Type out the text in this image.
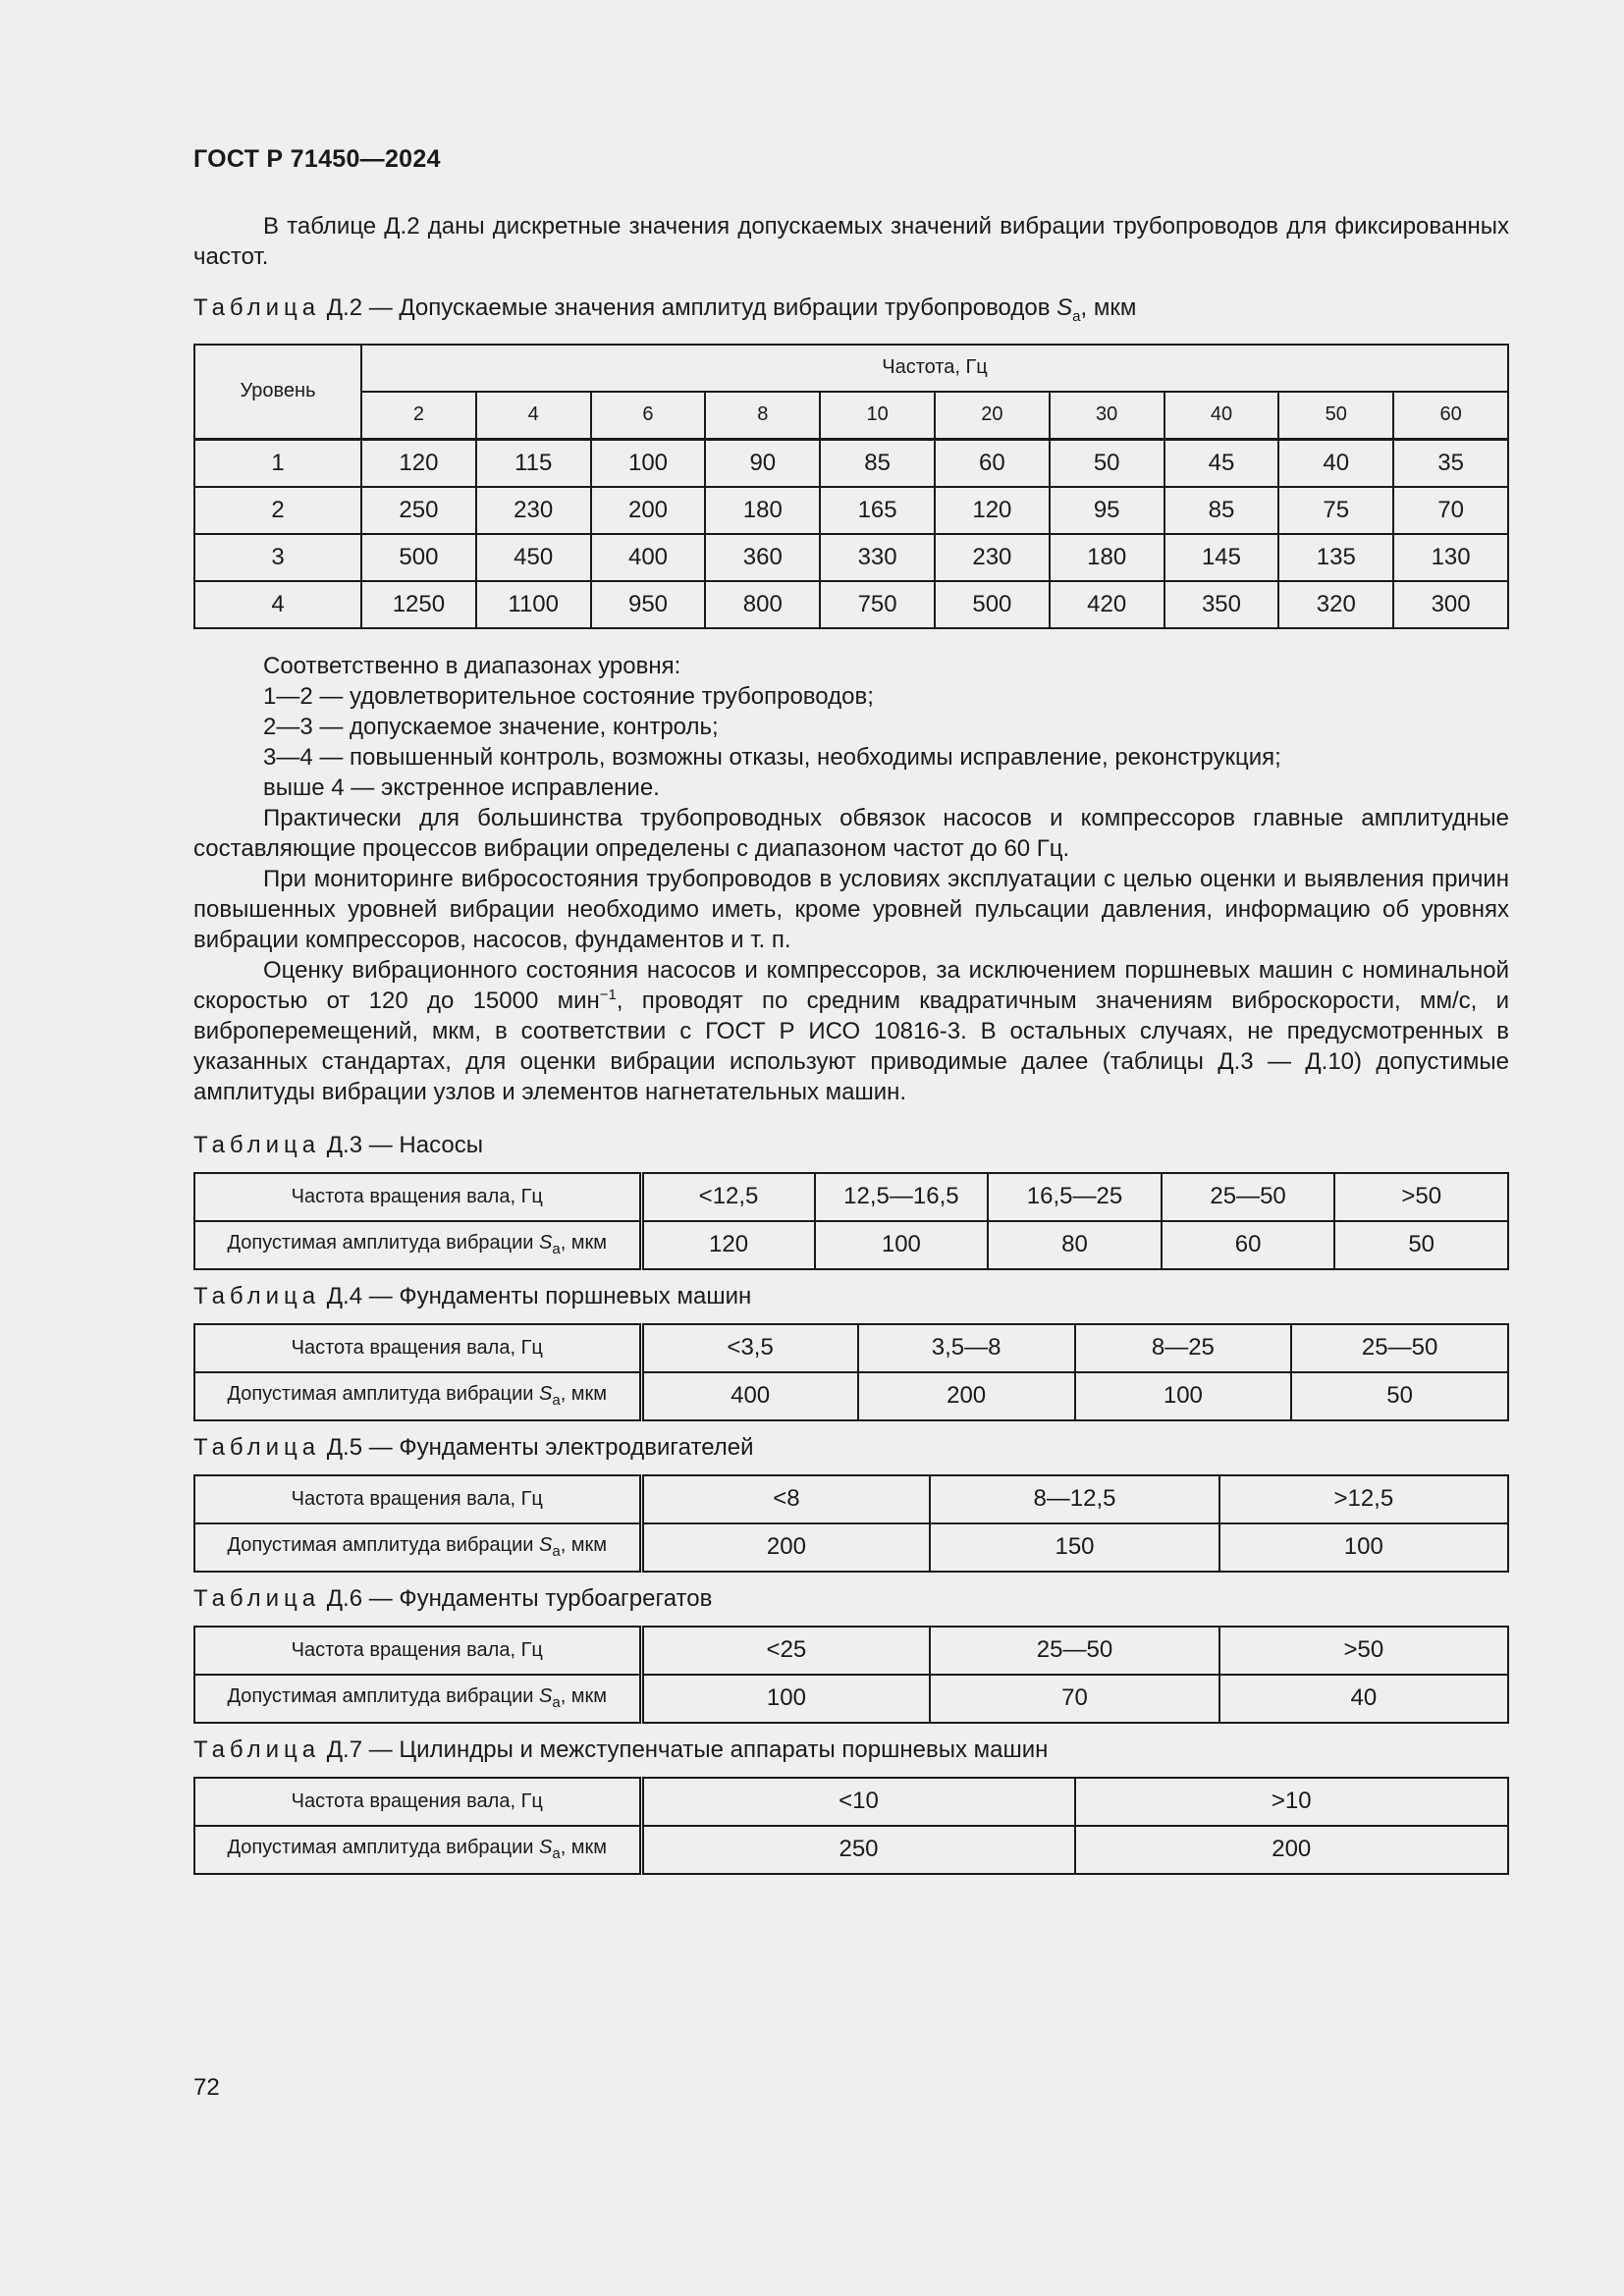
ГОСТ Р 71450—2024

В таблице Д.2 даны дискретные значения допускаемых значений вибрации трубопроводов для фиксированных частот.

Таблица Д.2 — Допускаемые значения амплитуд вибрации трубопроводов $S_a$, мкм
Уровень	Частота, Гц									
	2	4	6	8	10	20	30	40	50	60
1	120	115	100	90	85	60	50	45	40	35
2	250	230	200	180	165	120	95	85	75	70
3	500	450	400	360	330	230	180	145	135	130
4	1250	1100	950	800	750	500	420	350	320	300

Соответственно в диапазонах уровня:

1—2 — удовлетворительное состояние трубопроводов;

2—3 — допускаемое значение, контроль;

3—4 — повышенный контроль, возможны отказы, необходимы исправление, реконструкция;

выше 4 — экстренное исправление.

Практически для большинства трубопроводных обвязок насосов и компрессоров главные амплитудные составляющие процессов вибрации определены с диапазоном частот до 60 Гц.

При мониторинге вибросостояния трубопроводов в условиях эксплуатации с целью оценки и выявления причин повышенных уровней вибрации необходимо иметь, кроме уровней пульсации давления, информацию об уровнях вибрации компрессоров, насосов, фундаментов и т. п.

Оценку вибрационного состояния насосов и компрессоров, за исключением поршневых машин с номинальной скоростью от 120 до 15000 мин$^{-1}$, проводят по средним квадратичным значениям виброскорости, мм/с, и виброперемещений, мкм, в соответствии с ГОСТ Р ИСО 10816-3. В остальных случаях, не предусмотренных в указанных стандартах, для оценки вибрации используют приводимые далее (таблицы Д.3 — Д.10) допустимые амплитуды вибрации узлов и элементов нагнетательных машин.

Таблица Д.3 — Насосы
Частота вращения вала, Гц	<12,5	12,5—16,5	16,5—25	25—50	>50
Допустимая амплитуда вибрации $S_a$, мкм	120	100	80	60	50
Таблица Д.4 — Фундаменты поршневых машин
Частота вращения вала, Гц	<3,5	3,5—8	8—25	25—50
Допустимая амплитуда вибрации $S_a$, мкм	400	200	100	50
Таблица Д.5 — Фундаменты электродвигателей
Частота вращения вала, Гц	<8	8—12,5	>12,5
Допустимая амплитуда вибрации $S_a$, мкм	200	150	100
Таблица Д.6 — Фундаменты турбоагрегатов
Частота вращения вала, Гц	<25	25—50	>50
Допустимая амплитуда вибрации $S_a$, мкм	100	70	40
Таблица Д.7 — Цилиндры и межступенчатые аппараты поршневых машин
Частота вращения вала, Гц	<10	>10
Допустимая амплитуда вибрации $S_a$, мкм	250	200
72
